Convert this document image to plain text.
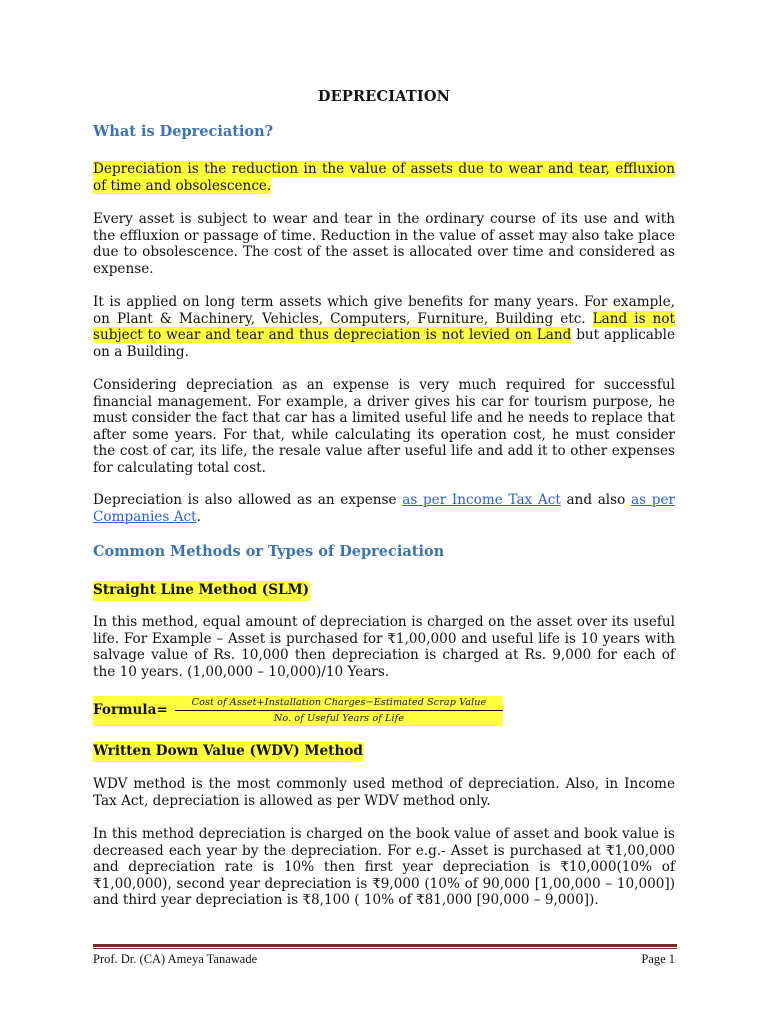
DEPRECIATION
What is Depreciation?
Depreciation is the reduction in the value of assets due to wear and tear, effluxion of time and obsolescence.
Every asset is subject to wear and tear in the ordinary course of its use and with the effluxion or passage of time. Reduction in the value of asset may also take place due to obsolescence. The cost of the asset is allocated over time and considered as expense.
It is applied on long term assets which give benefits for many years. For example, on Plant & Machinery, Vehicles, Computers, Furniture, Building etc. Land is not subject to wear and tear and thus depreciation is not levied on Land but applicable on a Building.
Considering depreciation as an expense is very much required for successful financial management. For example, a driver gives his car for tourism purpose, he must consider the fact that car has a limited useful life and he needs to replace that after some years. For that, while calculating its operation cost, he must consider the cost of car, its life, the resale value after useful life and add it to other expenses for calculating total cost.
Depreciation is also allowed as an expense as per Income Tax Act and also as per Companies Act.
Common Methods or Types of Depreciation
Straight Line Method (SLM)
In this method, equal amount of depreciation is charged on the asset over its useful life. For Example – Asset is purchased for ₹1,00,000 and useful life is 10 years with salvage value of Rs. 10,000 then depreciation is charged at Rs. 9,000 for each of the 10 years. (1,00,000 – 10,000)/10 Years.
Formula=	Cost of Asset+Installation Charges−Estimated Scrap Value
No. of Useful Years of Life
Written Down Value (WDV) Method
WDV method is the most commonly used method of depreciation. Also, in Income Tax Act, depreciation is allowed as per WDV method only.
In this method depreciation is charged on the book value of asset and book value is decreased each year by the depreciation. For e.g.- Asset is purchased at ₹1,00,000 and depreciation rate is 10% then first year depreciation is ₹10,000(10% of ₹1,00,000), second year depreciation is ₹9,000 (10% of 90,000 [1,00,000 – 10,000]) and third year depreciation is ₹8,100 ( 10% of ₹81,000 [90,000 – 9,000]).
Prof. Dr. (CA) Ameya Tanawade	Page 1
